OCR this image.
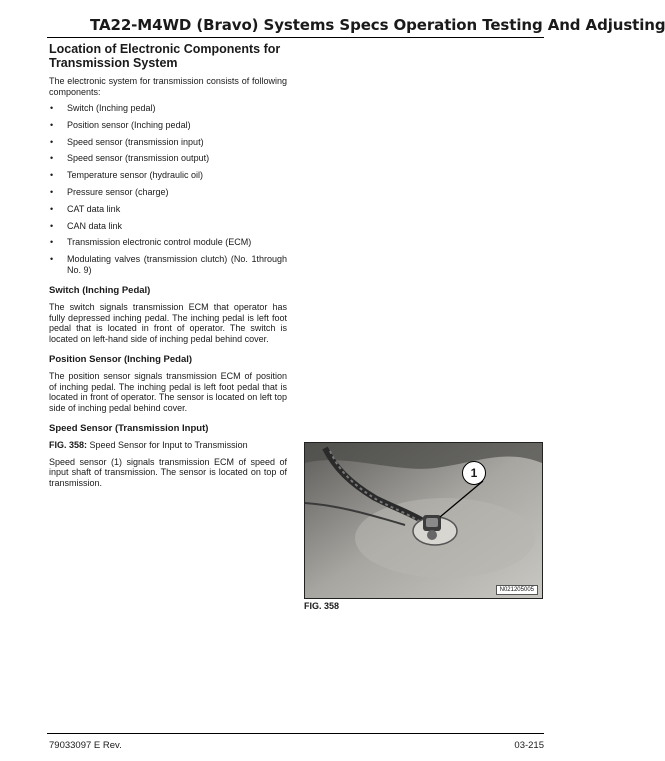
TA22-M4WD (Bravo) Systems Specs Operation Testing And Adjusting
Location of Electronic Components for Transmission System
The electronic system for transmission consists of following components:
• Switch (Inching pedal)
• Position sensor (Inching pedal)
• Speed sensor (transmission input)
• Speed sensor (transmission output)
• Temperature sensor (hydraulic oil)
• Pressure sensor (charge)
• CAT data link
• CAN data link
• Transmission electronic control module (ECM)
• Modulating valves (transmission clutch) (No. 1through No. 9)
Switch (Inching Pedal)
The switch signals transmission ECM that operator has fully depressed inching pedal. The inching pedal is left foot pedal that is located in front of operator. The switch is located on left-hand side of inching pedal behind cover.
Position Sensor (Inching Pedal)
The position sensor signals transmission ECM of position of inching pedal. The inching pedal is left foot pedal that is located in front of operator. The sensor is located on left top side of inching pedal behind cover.
Speed Sensor (Transmission Input)
FIG. 358: Speed Sensor for Input to Transmission
Speed sensor (1) signals transmission ECM of speed of input shaft of transmission. The sensor is located on top of transmission.
1
N021205005
FIG. 358
79033097 E Rev.	03-215
